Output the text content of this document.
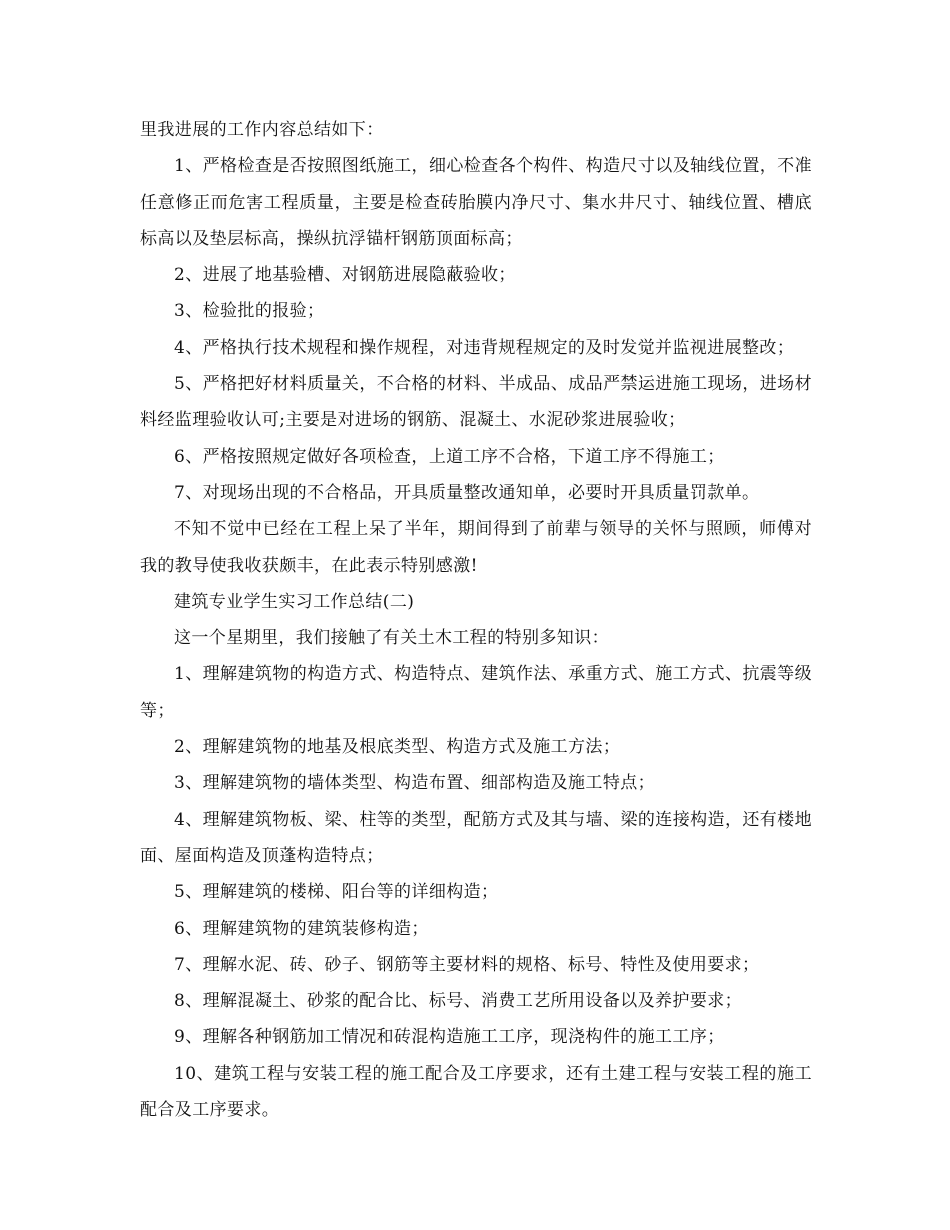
里我进展的工作内容总结如下：

1、严格检查是否按照图纸施工，细心检查各个构件、构造尺寸以及轴线位置，不准任意修正而危害工程质量，主要是检查砖胎膜内净尺寸、集水井尺寸、轴线位置、槽底标高以及垫层标高，操纵抗浮锚杆钢筋顶面标高；

2、进展了地基验槽、对钢筋进展隐蔽验收；

3、检验批的报验；

4、严格执行技术规程和操作规程，对违背规程规定的及时发觉并监视进展整改；

5、严格把好材料质量关，不合格的材料、半成品、成品严禁运进施工现场，进场材料经监理验收认可;主要是对进场的钢筋、混凝土、水泥砂浆进展验收；

6、严格按照规定做好各项检查，上道工序不合格，下道工序不得施工；

7、对现场出现的不合格品，开具质量整改通知单，必要时开具质量罚款单。

不知不觉中已经在工程上呆了半年，期间得到了前辈与领导的关怀与照顾，师傅对我的教导使我收获颇丰，在此表示特别感激!

建筑专业学生实习工作总结(二)

这一个星期里，我们接触了有关土木工程的特别多知识：

1、理解建筑物的构造方式、构造特点、建筑作法、承重方式、施工方式、抗震等级等；

2、理解建筑物的地基及根底类型、构造方式及施工方法；

3、理解建筑物的墙体类型、构造布置、细部构造及施工特点；

4、理解建筑物板、梁、柱等的类型，配筋方式及其与墙、梁的连接构造，还有楼地面、屋面构造及顶蓬构造特点；

5、理解建筑的楼梯、阳台等的详细构造；

6、理解建筑物的建筑装修构造；

7、理解水泥、砖、砂子、钢筋等主要材料的规格、标号、特性及使用要求；

8、理解混凝土、砂浆的配合比、标号、消费工艺所用设备以及养护要求；

9、理解各种钢筋加工情况和砖混构造施工工序，现浇构件的施工工序；

10、建筑工程与安装工程的施工配合及工序要求，还有土建工程与安装工程的施工配合及工序要求。
